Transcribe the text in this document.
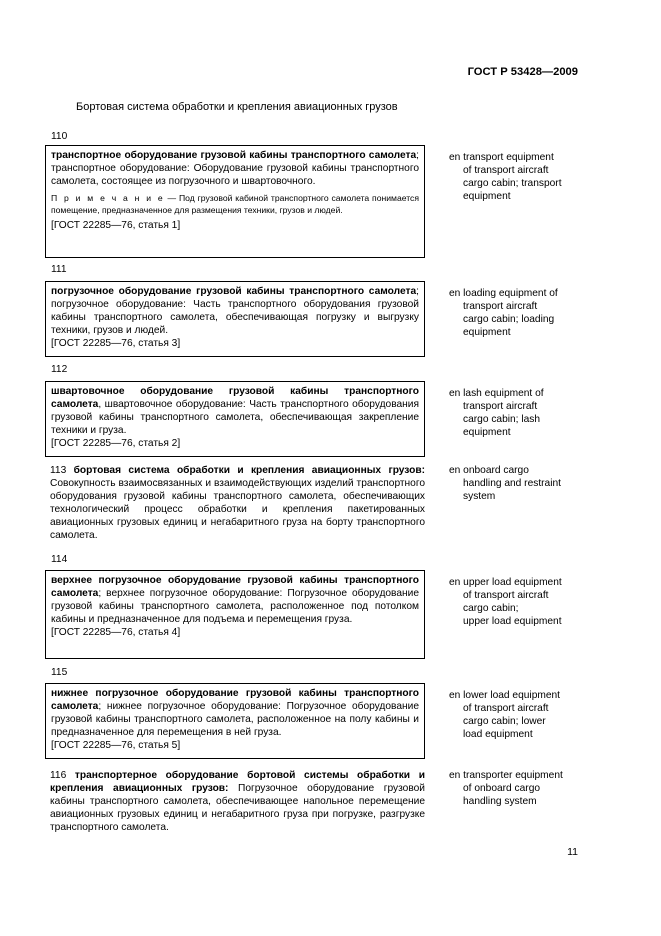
ГОСТ Р 53428—2009
Бортовая система обработки и крепления авиационных грузов
110
транспортное оборудование грузовой кабины транспортного самолета; транспортное оборудование: Оборудование грузовой кабины транспортного самолета, состоящее из погрузочного и швартовочного.
П р и м е ч а н и е — Под грузовой кабиной транспортного самолета понимается помещение, предназначенное для размещения техники, грузов и людей.
[ГОСТ 22285—76, статья 1]
en transport equipment
of transport aircraft
cargo cabin; transport
equipment
111
погрузочное оборудование грузовой кабины транспортного самолета; погрузочное оборудование: Часть транспортного оборудования грузовой кабины транспортного самолета, обеспечивающая погрузку и выгрузку техники, грузов и людей.
[ГОСТ 22285—76, статья 3]
en loading equipment of
transport aircraft
cargo cabin; loading
equipment
112
швартовочное оборудование грузовой кабины транспортного самолета, швартовочное оборудование: Часть транспортного оборудования грузовой кабины транспортного самолета, обеспечивающая закрепление техники и груза.
[ГОСТ 22285—76, статья 2]
en lash equipment of
transport aircraft
cargo cabin; lash
equipment
113 бортовая система обработки и крепления авиационных грузов: Совокупность взаимосвязанных и взаимодействующих изделий транспортного оборудования грузовой кабины транспортного самолета, обеспечивающих технологический процесс обработки и крепления пакетированных авиационных грузовых единиц и негабаритного груза на борту транспортного самолета.
en onboard cargo
handling and restraint
system
114
верхнее погрузочное оборудование грузовой кабины транспортного самолета; верхнее погрузочное оборудование: Погрузочное оборудование грузовой кабины транспортного самолета, расположенное под потолком кабины и предназначенное для подъема и перемещения груза.
[ГОСТ 22285—76, статья 4]
en upper load equipment
of transport aircraft
cargo cabin;
upper load equipment
115
нижнее погрузочное оборудование грузовой кабины транспортного самолета; нижнее погрузочное оборудование: Погрузочное оборудование грузовой кабины транспортного самолета, расположенное на полу кабины и предназначенное для перемещения в ней груза.
[ГОСТ 22285—76, статья 5]
en lower load equipment
of transport aircraft
cargo cabin; lower
load equipment
116 транспортерное оборудование бортовой системы обработки и крепления авиационных грузов: Погрузочное оборудование грузовой кабины транспортного самолета, обеспечивающее напольное перемещение авиационных грузовых единиц и негабаритного груза при погрузке, разгрузке транспортного самолета.
en transporter equipment
of onboard cargo
handling system
11
